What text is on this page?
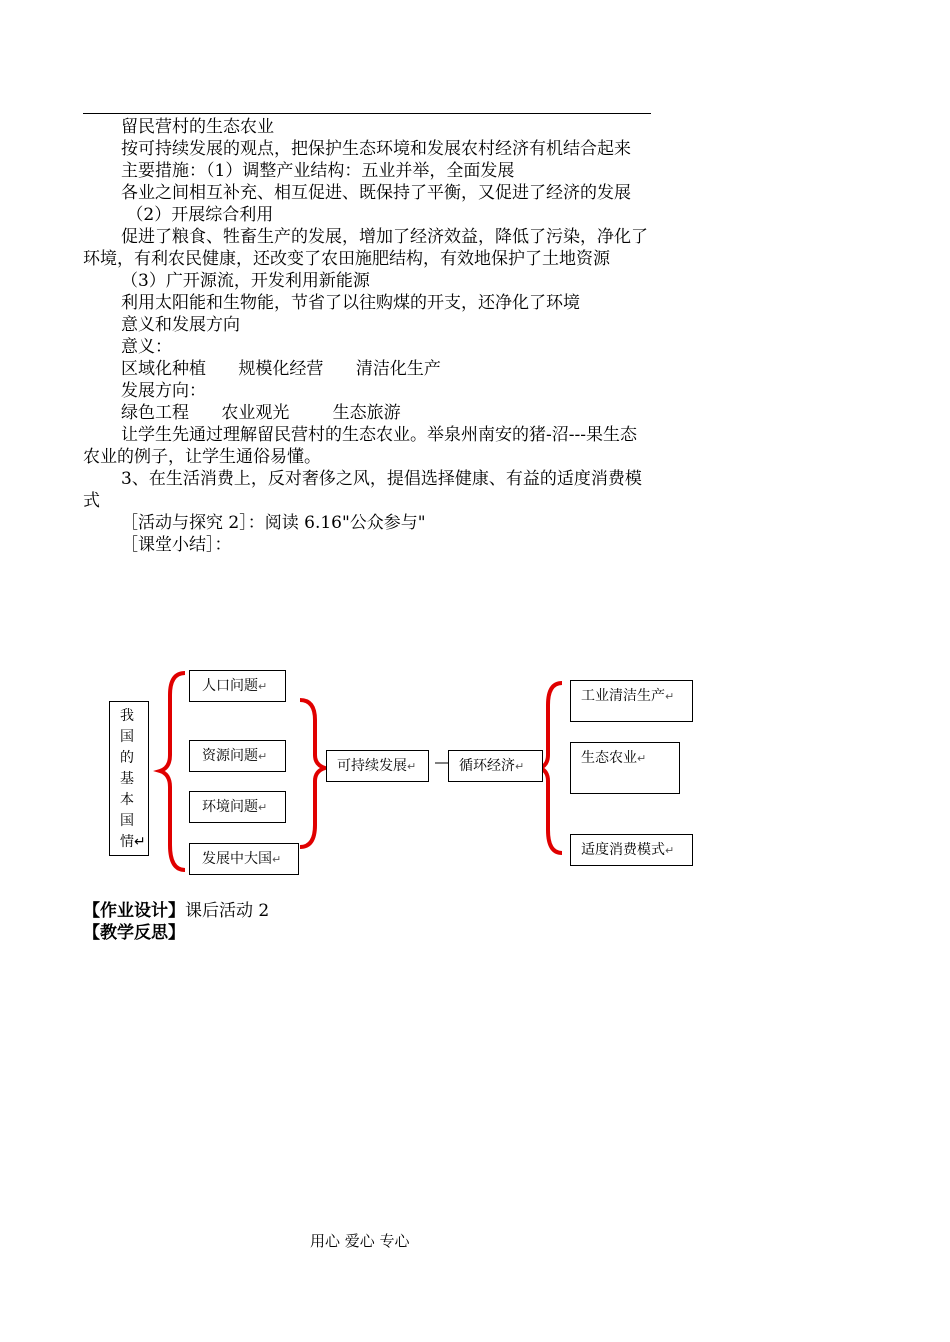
留民营村的生态农业

按可持续发展的观点，把保护生态环境和发展农村经济有机结合起来

主要措施：（1）调整产业结构：五业并举，全面发展

各业之间相互补充、相互促进、既保持了平衡，又促进了经济的发展

（2）开展综合利用

促进了粮食、牲畜生产的发展，增加了经济效益，降低了污染，净化了环境，有利农民健康，还改变了农田施肥结构，有效地保护了土地资源

（3）广开源流，开发利用新能源

利用太阳能和生物能，节省了以往购煤的开支，还净化了环境

意义和发展方向

意义：

区域化种植      规模化经营      清洁化生产

发展方向：

绿色工程      农业观光        生态旅游

让学生先通过理解留民营村的生态农业。举泉州南安的猪-沼---果生态农业的例子，让学生通俗易懂。

3、在生活消费上，反对奢侈之风，提倡选择健康、有益的适度消费模式

［活动与探究 2］：阅读 6.16"公众参与"

［课堂小结］：

我
国
的
基
本
国
情↵
人口问题↵
资源问题↵
环境问题↵
发展中大国↵
可持续发展↵	循环经济↵
工业清洁生产↵
生态农业↵
适度消费模式↵
【作业设计】课后活动 2
【教学反思】
用心 爱心 专心
